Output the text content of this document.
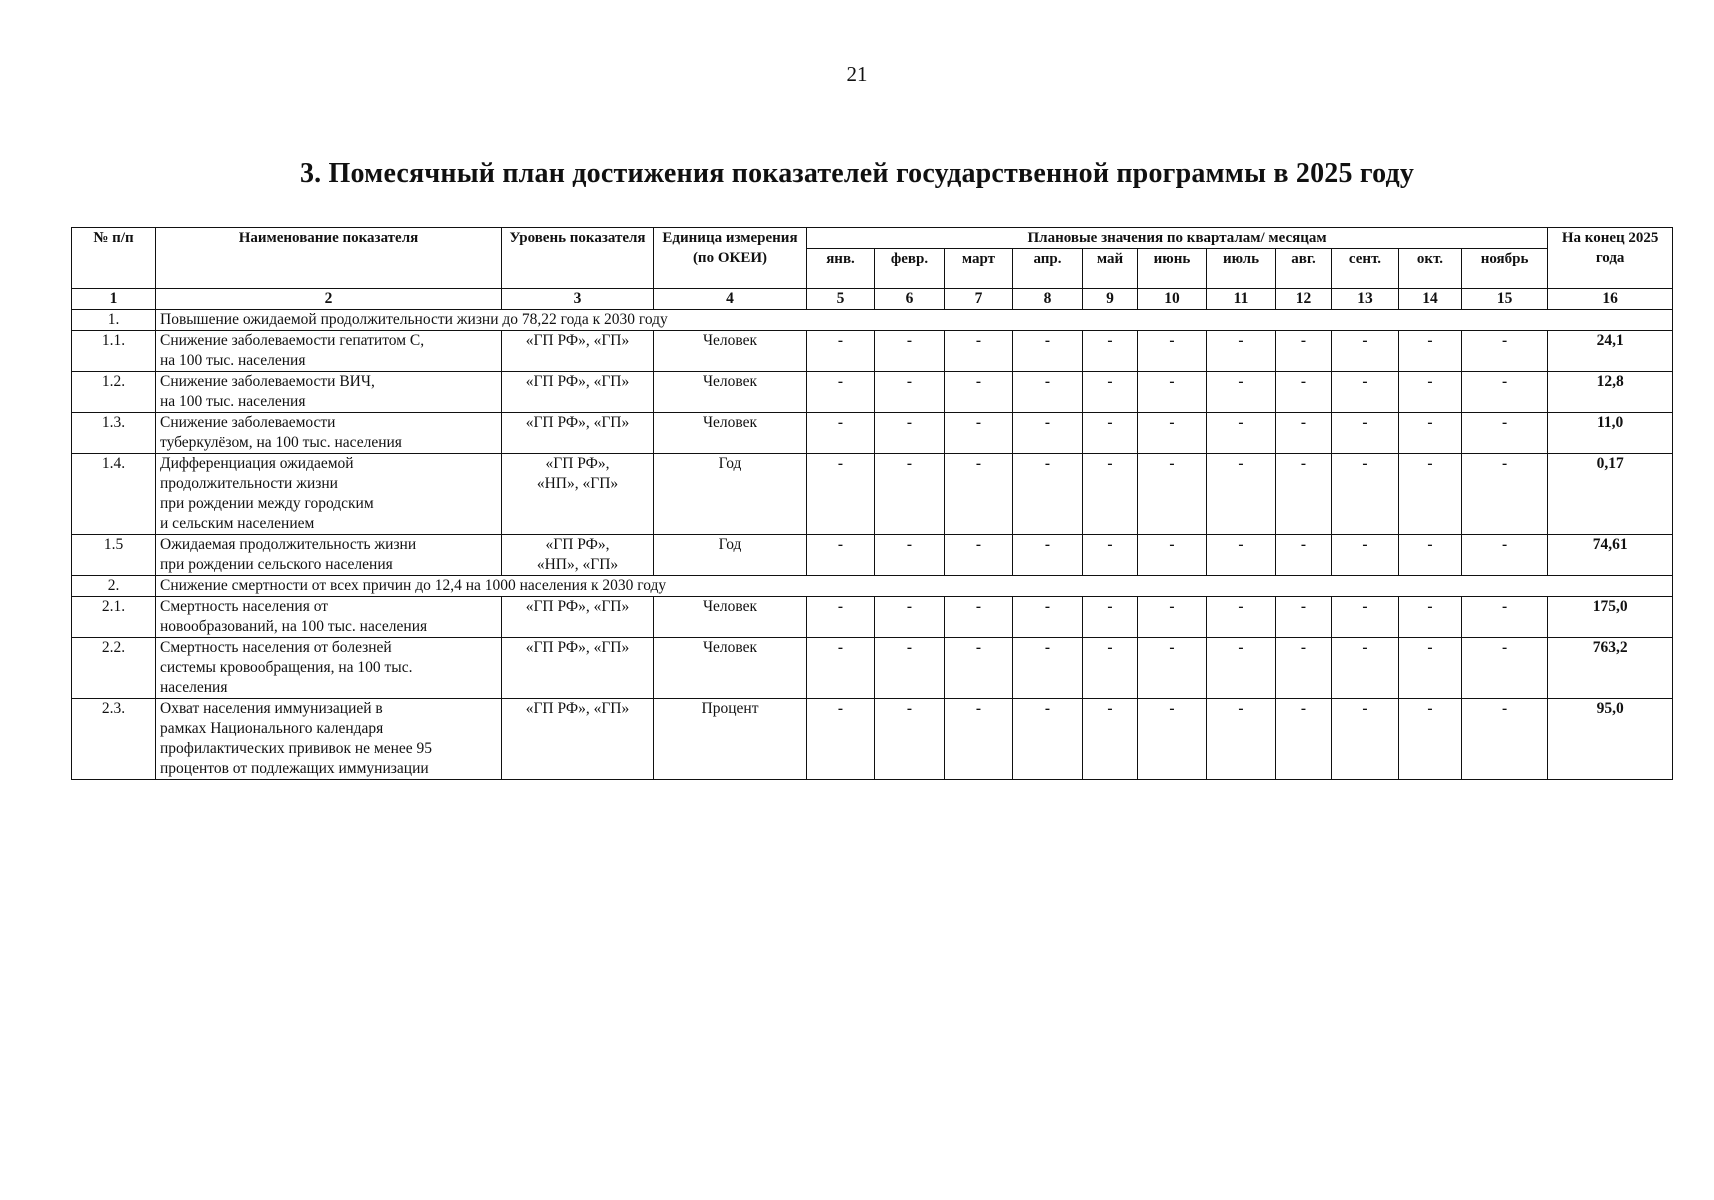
21
3. Помесячный план достижения показателей государственной программы в 2025 году
№ п/п	Наименование показателя	Уровень показателя	Единица измерения (по ОКЕИ)	Плановые значения по кварталам/ месяцам											На конец 2025 года
				янв.	февр.	март	апр.	май	июнь	июль	авг.	сент.	окт.	ноябрь	
1	2	3	4	5	6	7	8	9	10	11	12	13	14	15	16
1.	Повышение ожидаемой продолжительности жизни до 78,22 года к 2030 году														
1.1.	Снижение заболеваемости гепатитом С,
на 100 тыс. населения	«ГП РФ», «ГП»	Человек	-	-	-	-	-	-	-	-	-	-	-	24,1
1.2.	Снижение заболеваемости ВИЧ,
на 100 тыс. населения	«ГП РФ», «ГП»	Человек	-	-	-	-	-	-	-	-	-	-	-	12,8
1.3.	Снижение заболеваемости
туберкулёзом, на 100 тыс. населения	«ГП РФ», «ГП»	Человек	-	-	-	-	-	-	-	-	-	-	-	11,0
1.4.	Дифференциация ожидаемой
продолжительности жизни
при рождении между городским
и сельским населением	«ГП РФ»,
«НП», «ГП»	Год	-	-	-	-	-	-	-	-	-	-	-	0,17
1.5	Ожидаемая продолжительность жизни
при рождении сельского населения	«ГП РФ»,
«НП», «ГП»	Год	-	-	-	-	-	-	-	-	-	-	-	74,61
2.	Снижение смертности от всех причин до 12,4 на 1000 населения к 2030 году														
2.1.	Смертность населения от
новообразований, на 100 тыс. населения	«ГП РФ», «ГП»	Человек	-	-	-	-	-	-	-	-	-	-	-	175,0
2.2.	Смертность населения от болезней
системы кровообращения, на 100 тыс.
населения	«ГП РФ», «ГП»	Человек	-	-	-	-	-	-	-	-	-	-	-	763,2
2.3.	Охват населения иммунизацией в
рамках Национального календаря
профилактических прививок не менее 95
процентов от подлежащих иммунизации	«ГП РФ», «ГП»	Процент	-	-	-	-	-	-	-	-	-	-	-	95,0
